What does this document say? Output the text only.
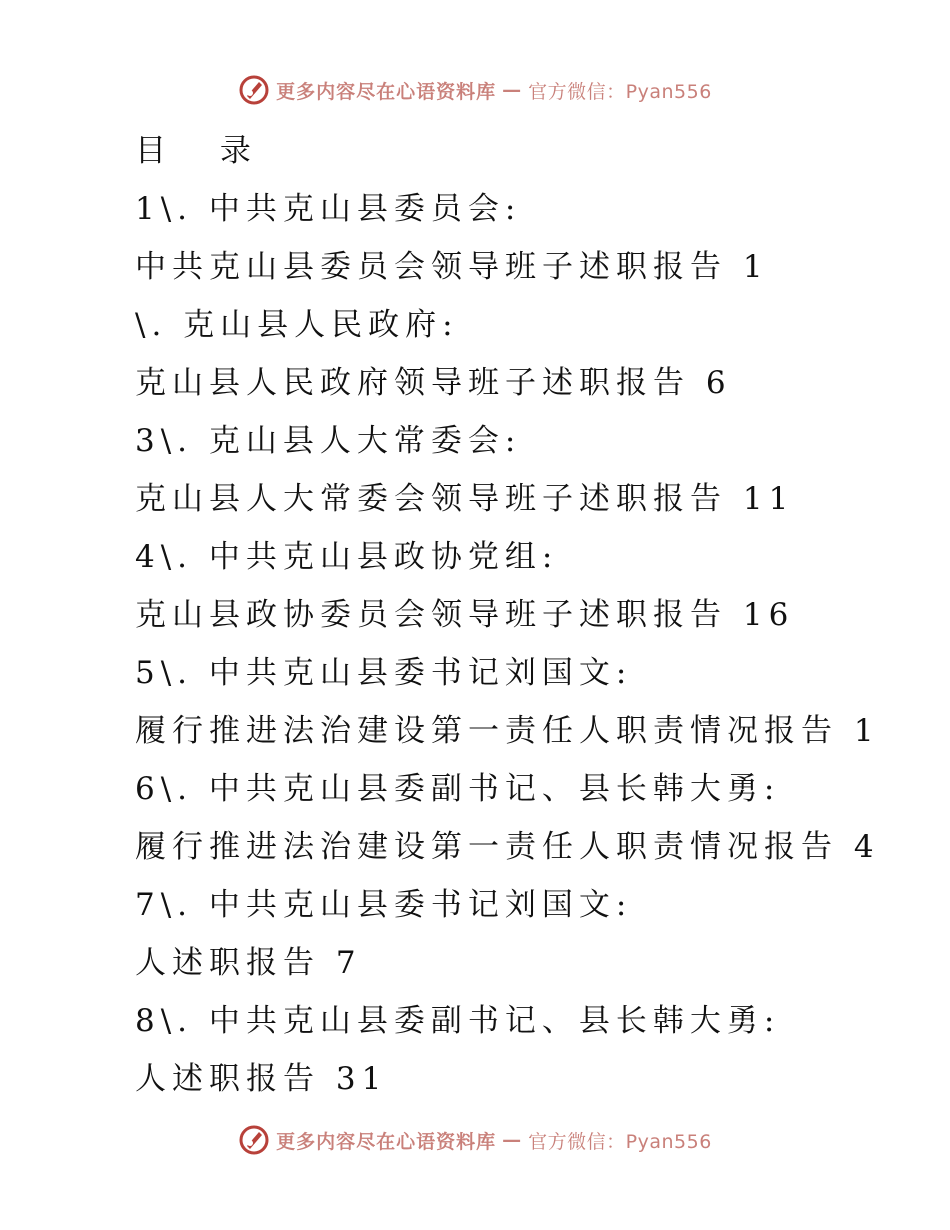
更多内容尽在心语资料库 — 官方微信：Pyan556
目 录
1\. 中共克山县委员会:
中共克山县委员会领导班子述职报告 1
\. 克山县人民政府:
克山县人民政府领导班子述职报告 6
3\. 克山县人大常委会:
克山县人大常委会领导班子述职报告 11
4\. 中共克山县政协党组:
克山县政协委员会领导班子述职报告 16
5\. 中共克山县委书记刘国文:
履行推进法治建设第一责任人职责情况报告 1
6\. 中共克山县委副书记、县长韩大勇:
履行推进法治建设第一责任人职责情况报告 4
7\. 中共克山县委书记刘国文:
人述职报告 7
8\. 中共克山县委副书记、县长韩大勇:
人述职报告 31
更多内容尽在心语资料库 — 官方微信：Pyan556
